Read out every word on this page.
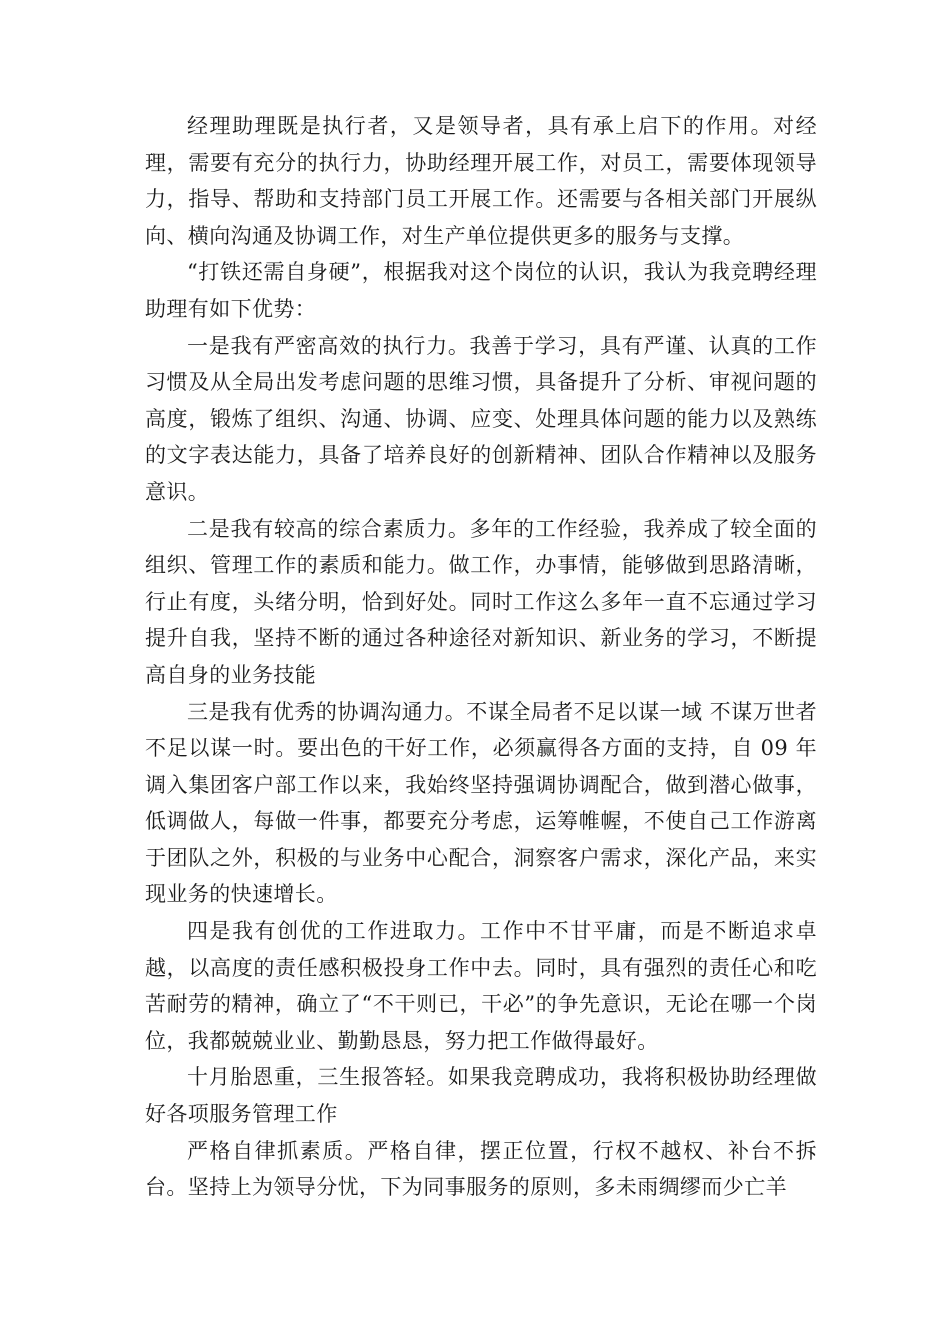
经理助理既是执行者，又是领导者，具有承上启下的作用。对经理，需要有充分的执行力，协助经理开展工作，对员工，需要体现领导力，指导、帮助和支持部门员工开展工作。还需要与各相关部门开展纵向、横向沟通及协调工作，对生产单位提供更多的服务与支撑。

“打铁还需自身硬”，根据我对这个岗位的认识，我认为我竞聘经理助理有如下优势：

一是我有严密高效的执行力。我善于学习，具有严谨、认真的工作习惯及从全局出发考虑问题的思维习惯，具备提升了分析、审视问题的高度，锻炼了组织、沟通、协调、应变、处理具体问题的能力以及熟练的文字表达能力，具备了培养良好的创新精神、团队合作精神以及服务意识。

二是我有较高的综合素质力。多年的工作经验，我养成了较全面的组织、管理工作的素质和能力。做工作，办事情，能够做到思路清晰，行止有度，头绪分明，恰到好处。同时工作这么多年一直不忘通过学习提升自我，坚持不断的通过各种途径对新知识、新业务的学习，不断提高自身的业务技能

三是我有优秀的协调沟通力。不谋全局者不足以谋一域 不谋万世者不足以谋一时。要出色的干好工作，必须赢得各方面的支持，自 09 年调入集团客户部工作以来，我始终坚持强调协调配合，做到潜心做事，低调做人，每做一件事，都要充分考虑，运筹帷幄，不使自己工作游离于团队之外，积极的与业务中心配合，洞察客户需求，深化产品，来实现业务的快速增长。

四是我有创优的工作进取力。工作中不甘平庸，而是不断追求卓越，以高度的责任感积极投身工作中去。同时，具有强烈的责任心和吃苦耐劳的精神，确立了“不干则已，干必”的争先意识，无论在哪一个岗位，我都兢兢业业、勤勤恳恳，努力把工作做得最好。

十月胎恩重，三生报答轻。如果我竞聘成功，我将积极协助经理做好各项服务管理工作

严格自律抓素质。严格自律，摆正位置，行权不越权、补台不拆台。坚持上为领导分忧，下为同事服务的原则，多未雨绸缪而少亡羊
